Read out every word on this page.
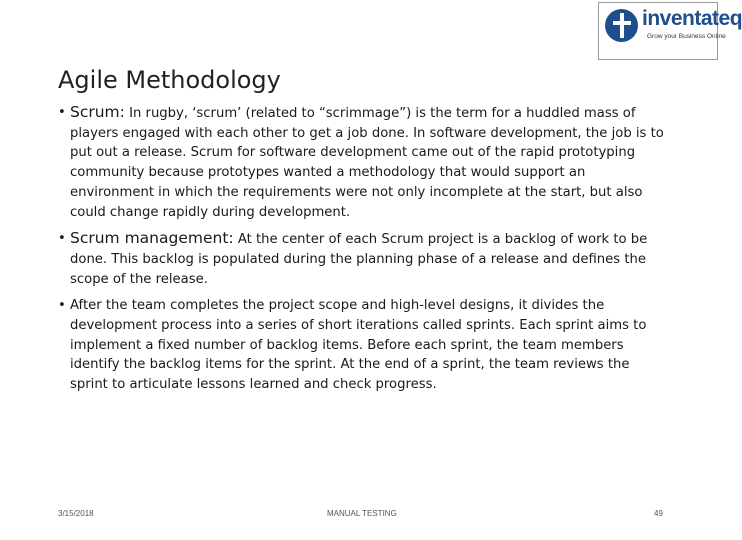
inventateq
Grow your Business Online
Agile Methodology
• Scrum: In rugby, ‘scrum’ (related to “scrimmage”) is the term for a huddled mass of players engaged with each other to get a job done. In software development, the job is to put out a release. Scrum for software development came out of the rapid prototyping community because prototypes wanted a methodology that would support an environment in which the requirements were not only incomplete at the start, but also could change rapidly during development.
• Scrum management: At the center of each Scrum project is a backlog of work to be done. This backlog is populated during the planning phase of a release and defines the scope of the release.
• After the team completes the project scope and high-level designs, it divides the development process into a series of short iterations called sprints. Each sprint aims to implement a fixed number of backlog items. Before each sprint, the team members identify the backlog items for the sprint. At the end of a sprint, the team reviews the sprint to articulate lessons learned and check progress.
3/15/2018	MANUAL TESTING	49
